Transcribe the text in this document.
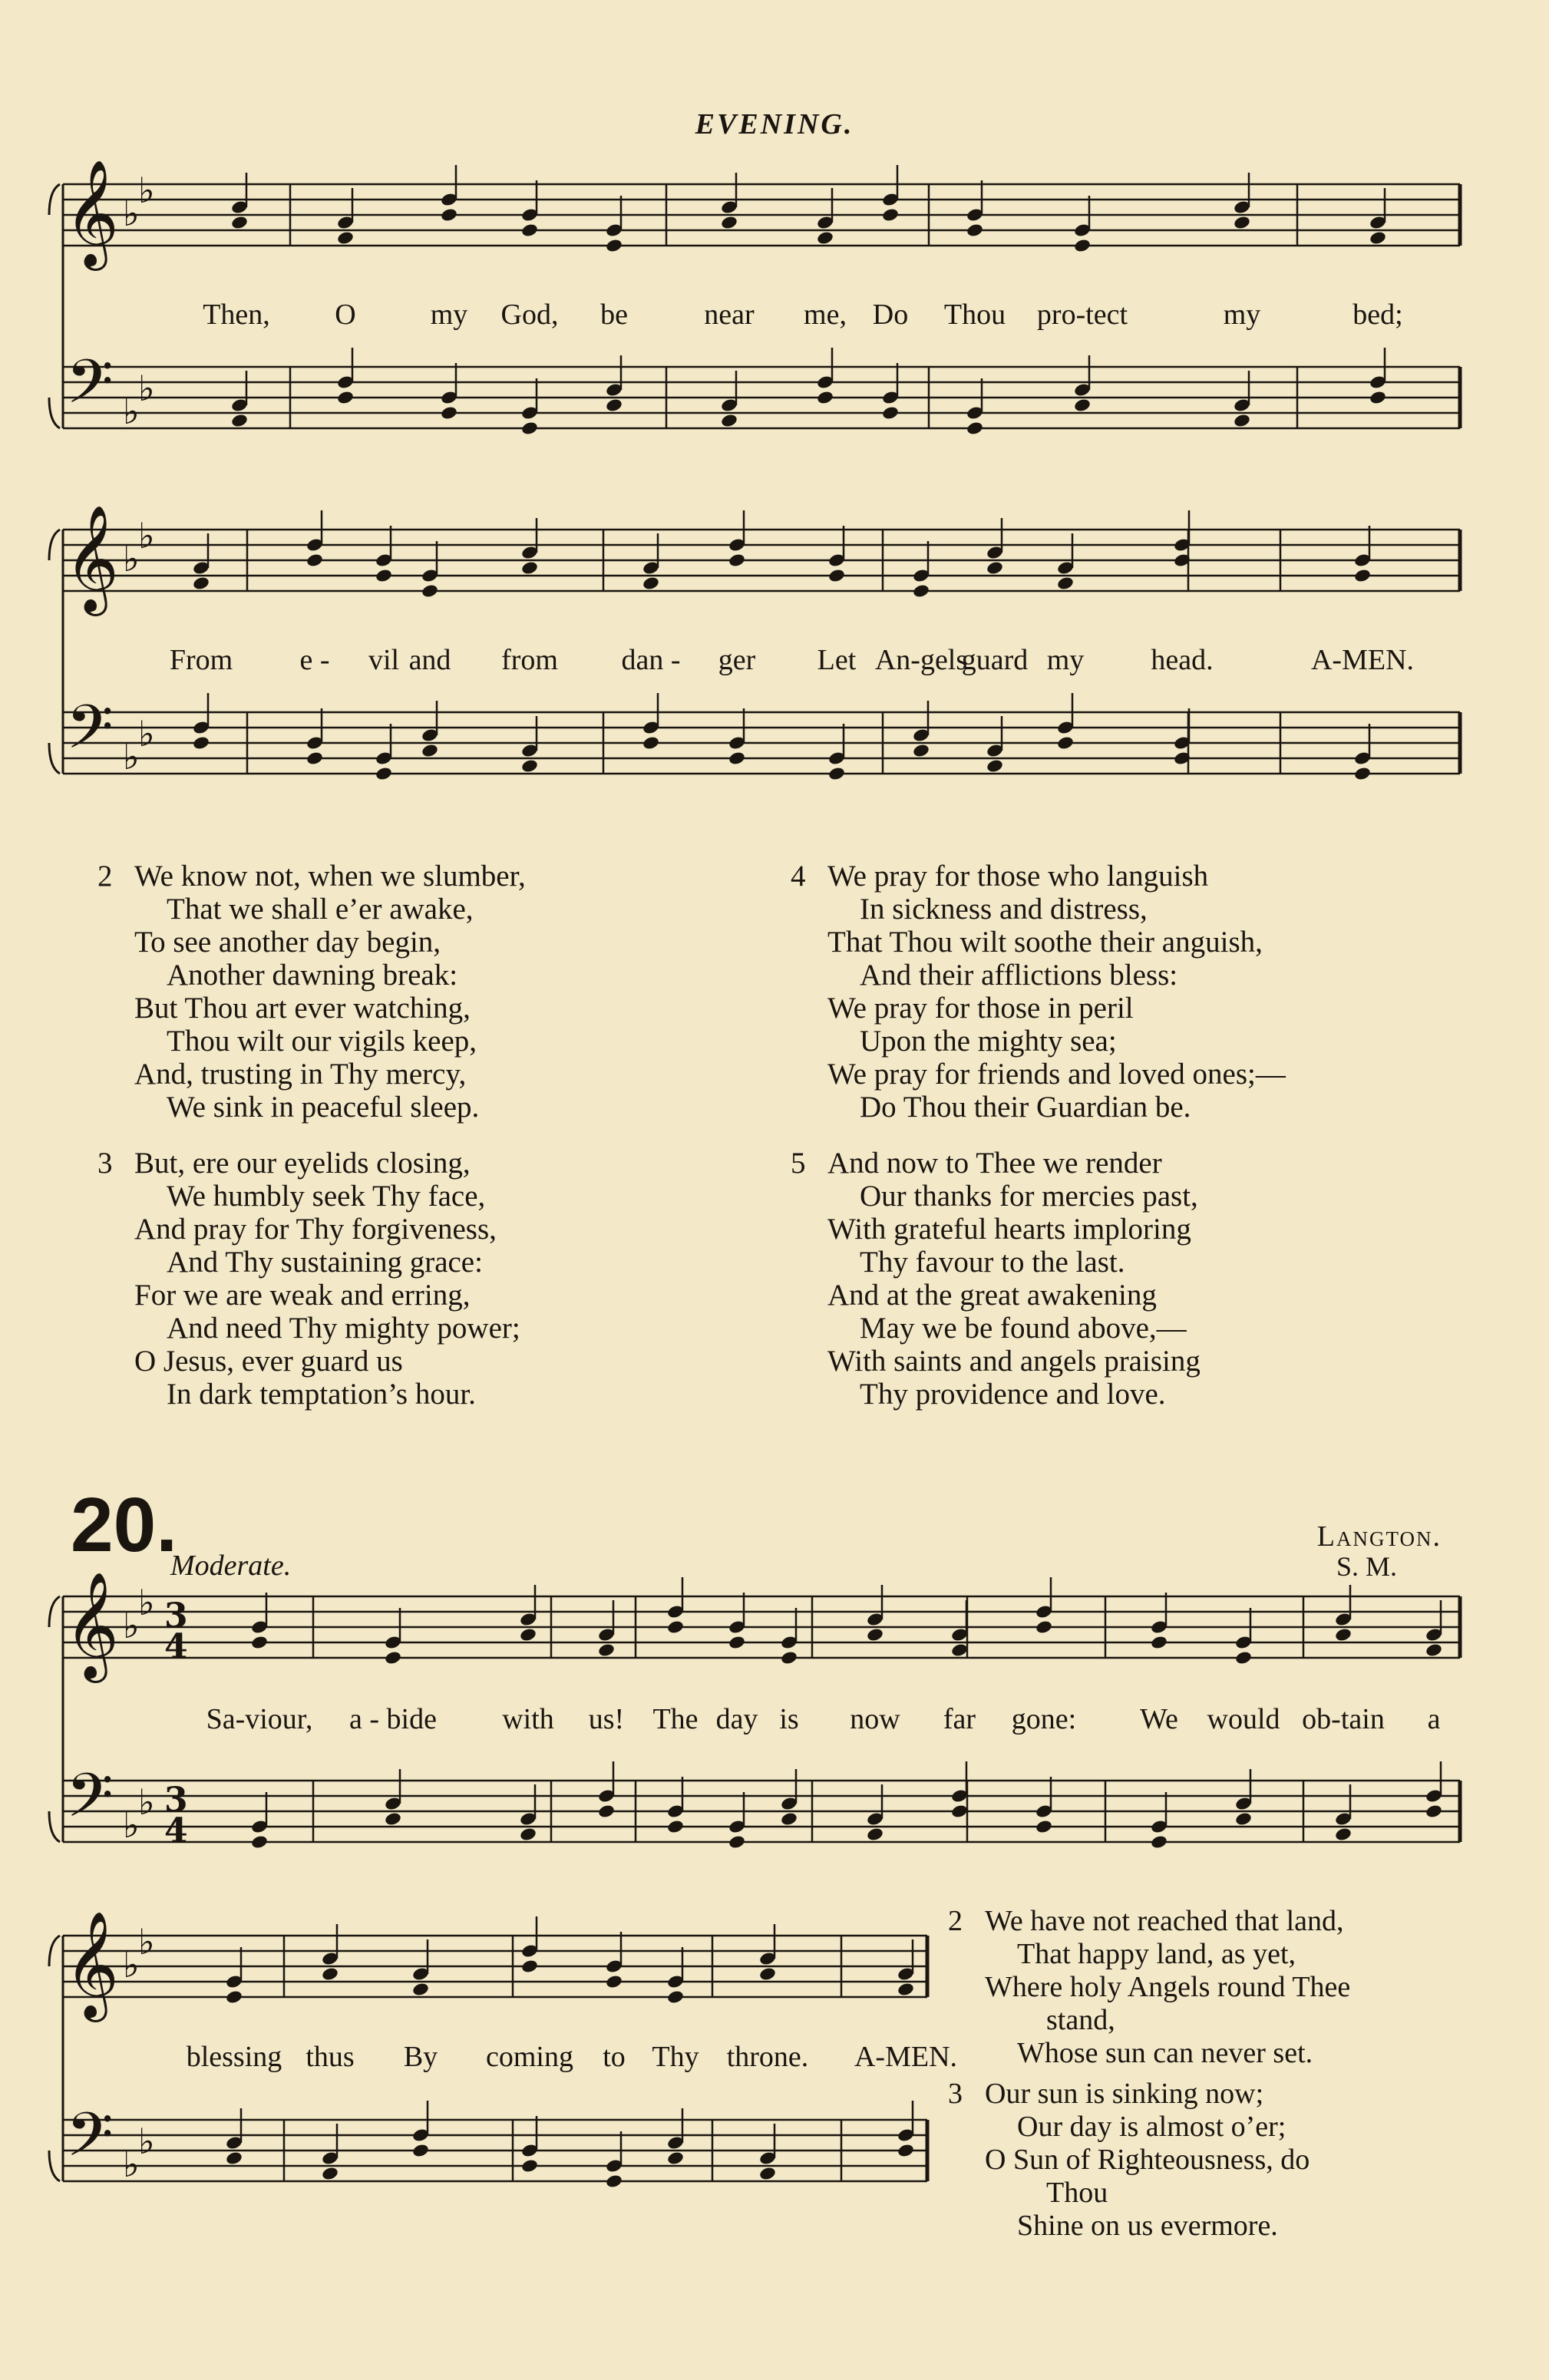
EVENING.
𝄞
𝄢
♭
♭
♭
♭
𝄞
𝄢
♭
♭
♭
♭
𝄞
𝄢
♭
♭
♭
♭
3
4
3
4
𝄞
𝄢
♭
♭
♭
♭
Then, O	my God, be	near me, Do Thou pro-tect	my	bed;
From e - vil and from dan - ger Let An-gels
guard my head.	A-MEN.
2 We know not, when we slumber,
That we shall e’er awake,
To see another day begin,
Another dawning break:
But Thou art ever watching,
Thou wilt our vigils keep,
And, trusting in Thy mercy,
We sink in peaceful sleep.
3 But, ere our eyelids closing,
We humbly seek Thy face,
And pray for Thy forgiveness,
And Thy sustaining grace:
For we are weak and erring,
And need Thy mighty power;
O Jesus, ever guard us
In dark temptation’s hour.
4 We pray for those who languish
In sickness and distress,
That Thou wilt soothe their anguish,
And their afflictions bless:
We pray for those in peril
Upon the mighty sea;
We pray for friends and loved ones;—
Do Thou their Guardian be.
5 And now to Thee we render
Our thanks for mercies past,
With grateful hearts imploring
Thy favour to the last.
And at the great awakening
May we be found above,—
With saints and angels praising
Thy providence and love.
20.
Moderate.
Langton.
S. M.
Sa-viour, a - bide with us! The day is now far gone: We would ob-tain a
blessing thus By coming to Thy throne. A-MEN.
2 We have not reached that land,
That happy land, as yet,
Where holy Angels round Thee
stand,
Whose sun can never set.
3 Our sun is sinking now;
Our day is almost o’er;
O Sun of Righteousness, do
Thou
Shine on us evermore.
